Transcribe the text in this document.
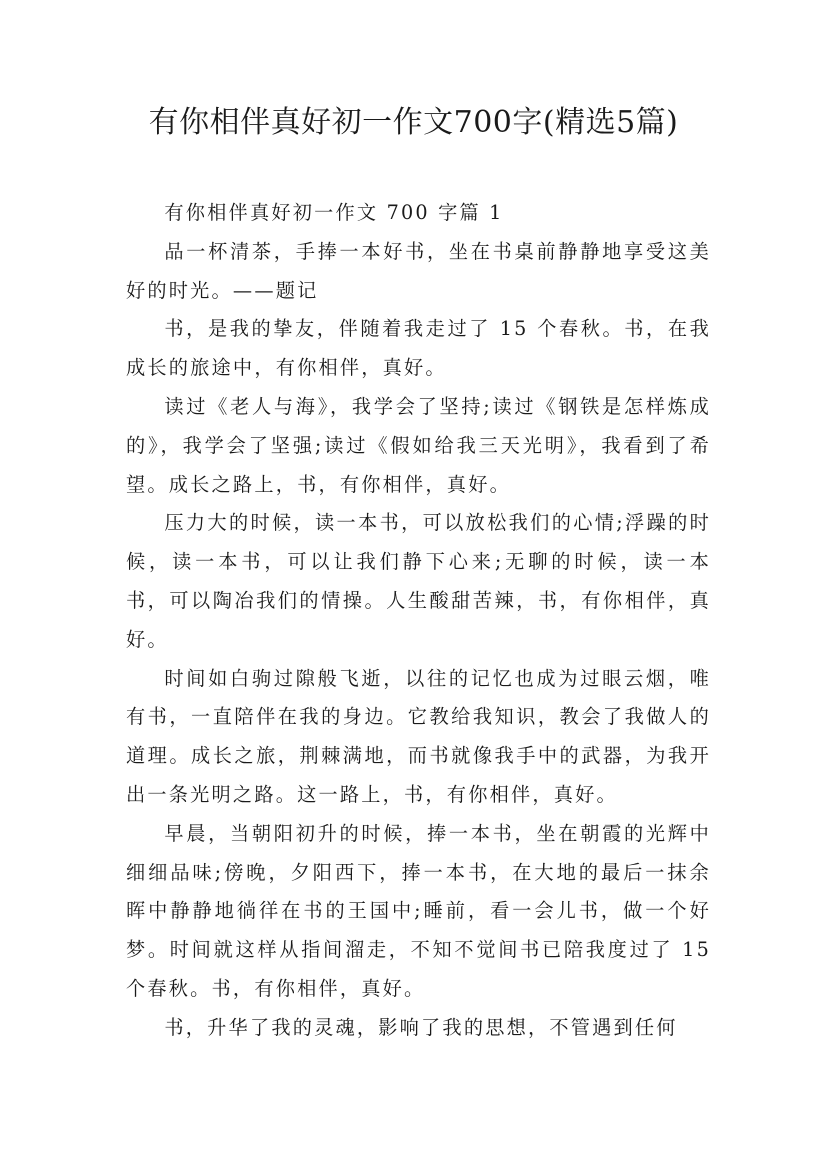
有你相伴真好初一作文700字(精选5篇)

有你相伴真好初一作文 700 字篇 1

品一杯清茶，手捧一本好书，坐在书桌前静静地享受这美好的时光。——题记

书，是我的挚友，伴随着我走过了 15 个春秋。书，在我成长的旅途中，有你相伴，真好。

读过《老人与海》，我学会了坚持;读过《钢铁是怎样炼成的》，我学会了坚强;读过《假如给我三天光明》，我看到了希望。成长之路上，书，有你相伴，真好。

压力大的时候，读一本书，可以放松我们的心情;浮躁的时候，读一本书，可以让我们静下心来;无聊的时候，读一本书，可以陶冶我们的情操。人生酸甜苦辣，书，有你相伴，真好。

时间如白驹过隙般飞逝，以往的记忆也成为过眼云烟，唯有书，一直陪伴在我的身边。它教给我知识，教会了我做人的道理。成长之旅，荆棘满地，而书就像我手中的武器，为我开出一条光明之路。这一路上，书，有你相伴，真好。

早晨，当朝阳初升的时候，捧一本书，坐在朝霞的光辉中细细品味;傍晚，夕阳西下，捧一本书，在大地的最后一抹余晖中静静地徜徉在书的王国中;睡前，看一会儿书，做一个好梦。时间就这样从指间溜走，不知不觉间书已陪我度过了 15 个春秋。书，有你相伴，真好。

书，升华了我的灵魂，影响了我的思想，不管遇到任何
